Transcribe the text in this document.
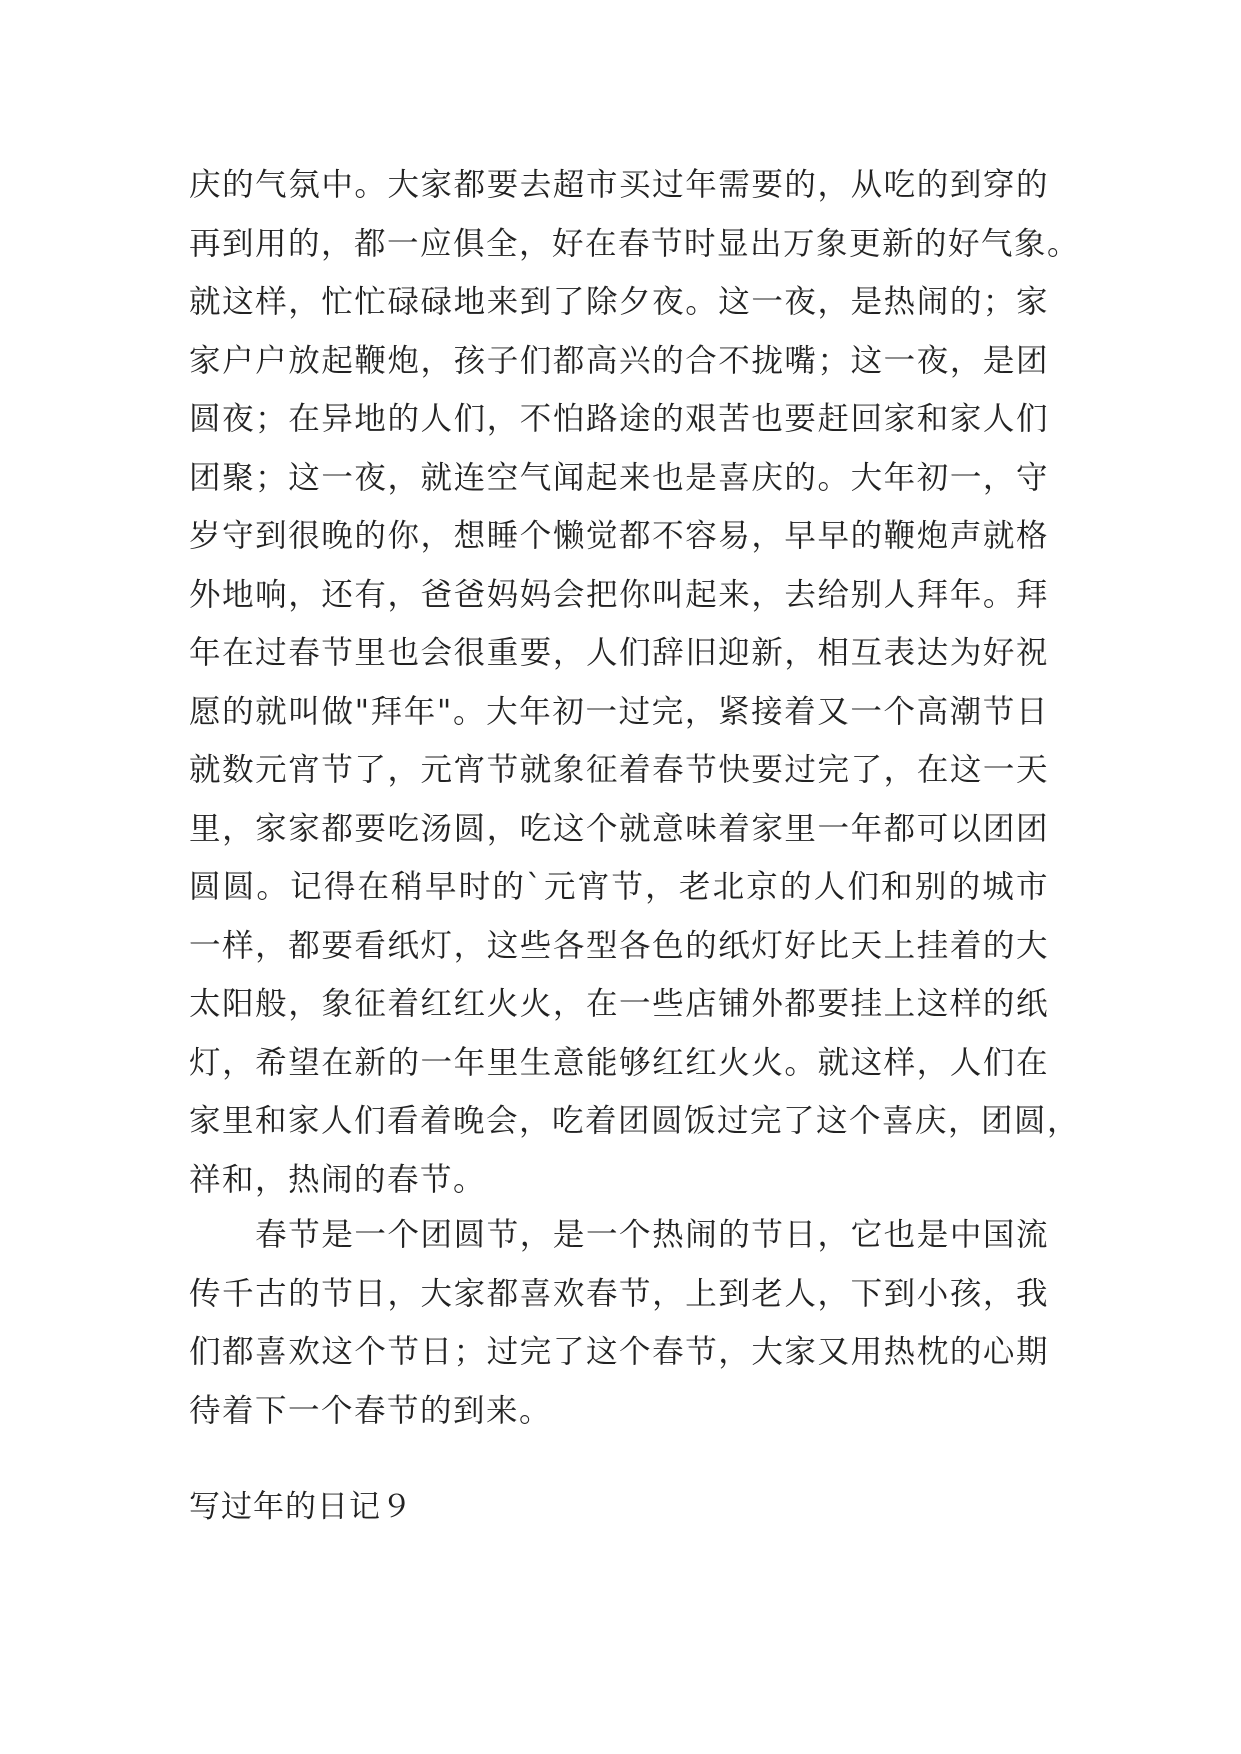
庆的气氛中。大家都要去超市买过年需要的，从吃的到穿的
再到用的，都一应俱全，好在春节时显出万象更新的好气象。
就这样，忙忙碌碌地来到了除夕夜。这一夜，是热闹的；家
家户户放起鞭炮，孩子们都高兴的合不拢嘴；这一夜，是团
圆夜；在异地的人们，不怕路途的艰苦也要赶回家和家人们
团聚；这一夜，就连空气闻起来也是喜庆的。大年初一，守
岁守到很晚的你，想睡个懒觉都不容易，早早的鞭炮声就格
外地响，还有，爸爸妈妈会把你叫起来，去给别人拜年。拜
年在过春节里也会很重要，人们辞旧迎新，相互表达为好祝
愿的就叫做"拜年"。大年初一过完，紧接着又一个高潮节日
就数元宵节了，元宵节就象征着春节快要过完了，在这一天
里，家家都要吃汤圆，吃这个就意味着家里一年都可以团团
圆圆。记得在稍早时的`元宵节，老北京的人们和别的城市
一样，都要看纸灯，这些各型各色的纸灯好比天上挂着的大
太阳般，象征着红红火火，在一些店铺外都要挂上这样的纸
灯，希望在新的一年里生意能够红红火火。就这样，人们在
家里和家人们看着晚会，吃着团圆饭过完了这个喜庆，团圆，
祥和，热闹的春节。
　　春节是一个团圆节，是一个热闹的节日，它也是中国流
传千古的节日，大家都喜欢春节，上到老人，下到小孩，我
们都喜欢这个节日；过完了这个春节，大家又用热枕的心期
待着下一个春节的到来。
写过年的日记９
